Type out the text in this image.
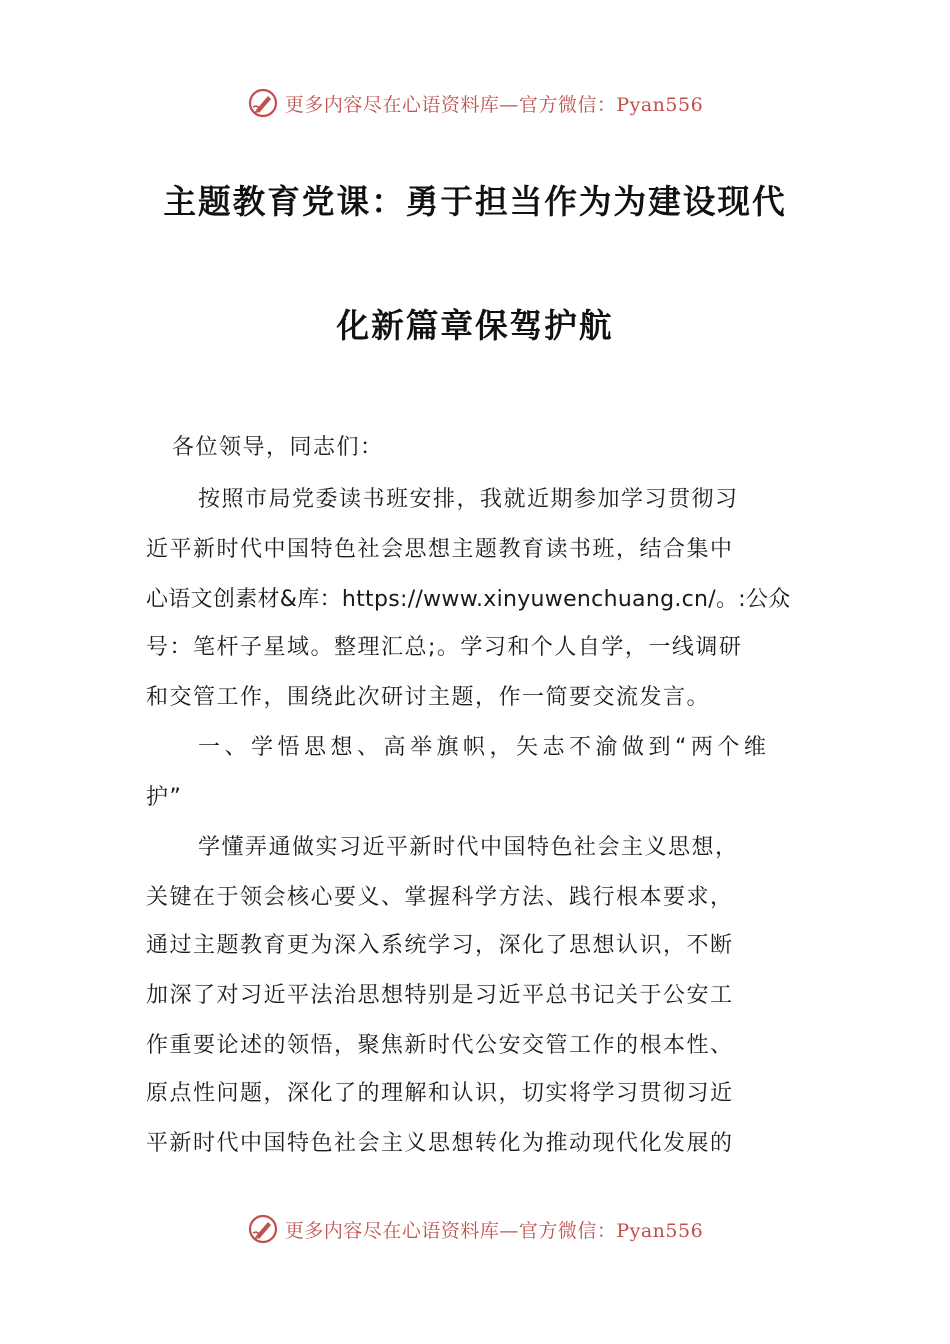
更多内容尽在心语资料库—官方微信：Pyan556
主题教育党课：勇于担当作为为建设现代
化新篇章保驾护航
各位领导，同志们：
按照市局党委读书班安排，我就近期参加学习贯彻习
近平新时代中国特色社会思想主题教育读书班，结合集中
心语文创素材&库：https://www.xinyuwenchuang.cn/。:公众
号：笔杆子星域。整理汇总;。学习和个人自学，一线调研
和交管工作，围绕此次研讨主题，作一简要交流发言。
一、学悟思想、高举旗帜，矢志不渝做到“两个维
护”
学懂弄通做实习近平新时代中国特色社会主义思想，
关键在于领会核心要义、掌握科学方法、践行根本要求，
通过主题教育更为深入系统学习，深化了思想认识，不断
加深了对习近平法治思想特别是习近平总书记关于公安工
作重要论述的领悟，聚焦新时代公安交管工作的根本性、
原点性问题，深化了的理解和认识，切实将学习贯彻习近
平新时代中国特色社会主义思想转化为推动现代化发展的
更多内容尽在心语资料库—官方微信：Pyan556
